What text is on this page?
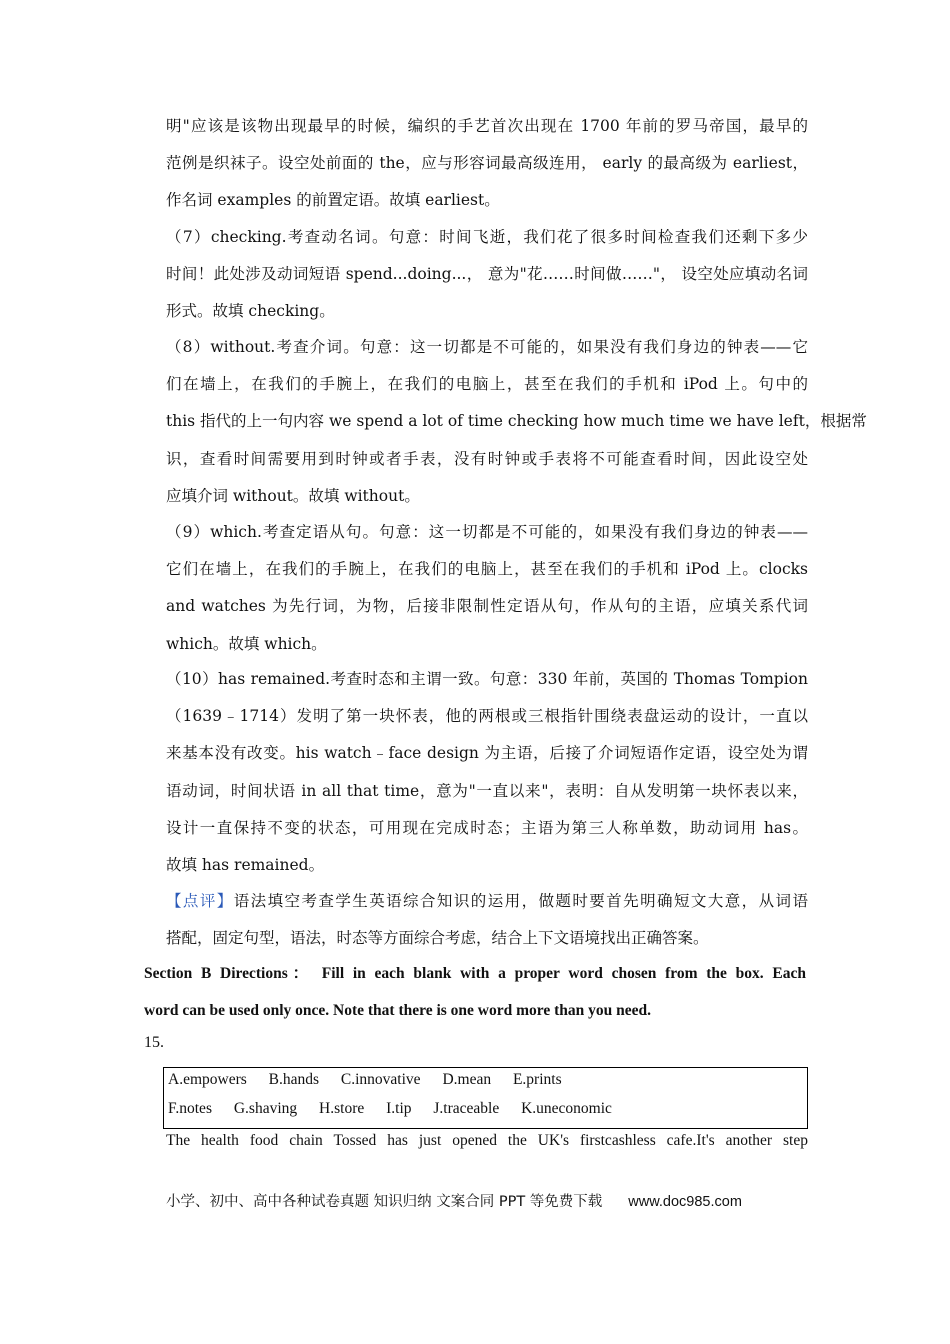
明"应该是该物出现最早的时候，编织的手艺首次出现在 1700 年前的罗马帝国，最早的
范例是织袜子。设空处前面的 the，应与形容词最高级连用， early 的最高级为 earliest，
作名词 examples 的前置定语。故填 earliest。
（7）checking.考查动名词。句意：时间飞逝，我们花了很多时间检查我们还剩下多少
时间！此处涉及动词短语 spend...doing...， 意为"花……时间做……"， 设空处应填动名词
形式。故填 checking。
（8）without.考查介词。句意：这一切都是不可能的，如果没有我们身边的钟表——它
们在墙上，在我们的手腕上，在我们的电脑上，甚至在我们的手机和 iPod 上。句中的
this 指代的上一句内容 we spend a lot of time checking how much time we have left，根据常
识，查看时间需要用到时钟或者手表，没有时钟或手表将不可能查看时间，因此设空处
应填介词 without。故填 without。
（9）which.考查定语从句。句意：这一切都是不可能的，如果没有我们身边的钟表——
它们在墙上，在我们的手腕上，在我们的电脑上，甚至在我们的手机和 iPod 上。clocks
and watches 为先行词，为物，后接非限制性定语从句，作从句的主语，应填关系代词
which。故填 which。
（10）has remained.考查时态和主谓一致。句意：330 年前，英国的 Thomas Tompion
（1639﹣1714）发明了第一块怀表，他的两根或三根指针围绕表盘运动的设计，一直以
来基本没有改变。his watch﹣face design 为主语，后接了介词短语作定语，设空处为谓
语动词，时间状语 in all that time，意为"一直以来"，表明：自从发明第一块怀表以来，
设计一直保持不变的状态，可用现在完成时态；主语为第三人称单数，助动词用 has。
故填 has remained。
【点评】语法填空考查学生英语综合知识的运用，做题时要首先明确短文大意，从词语
搭配，固定句型，语法，时态等方面综合考虑，结合上下文语境找出正确答案。
Section B Directions： Fill in each blank with a proper word chosen from the box. Each
word can be used only once. Note that there is one word more than you need.
15.
A.empowers B.hands C.innovative D.mean E.prints
F.notes G.shaving H.store I.tip J.traceable K.uneconomic
The health food chain Tossed has just opened the UK's firstcashless cafe.It's another step
小学、初中、高中各种试卷真题 知识归纳 文案合同 PPT 等免费下载 www.doc985.com
